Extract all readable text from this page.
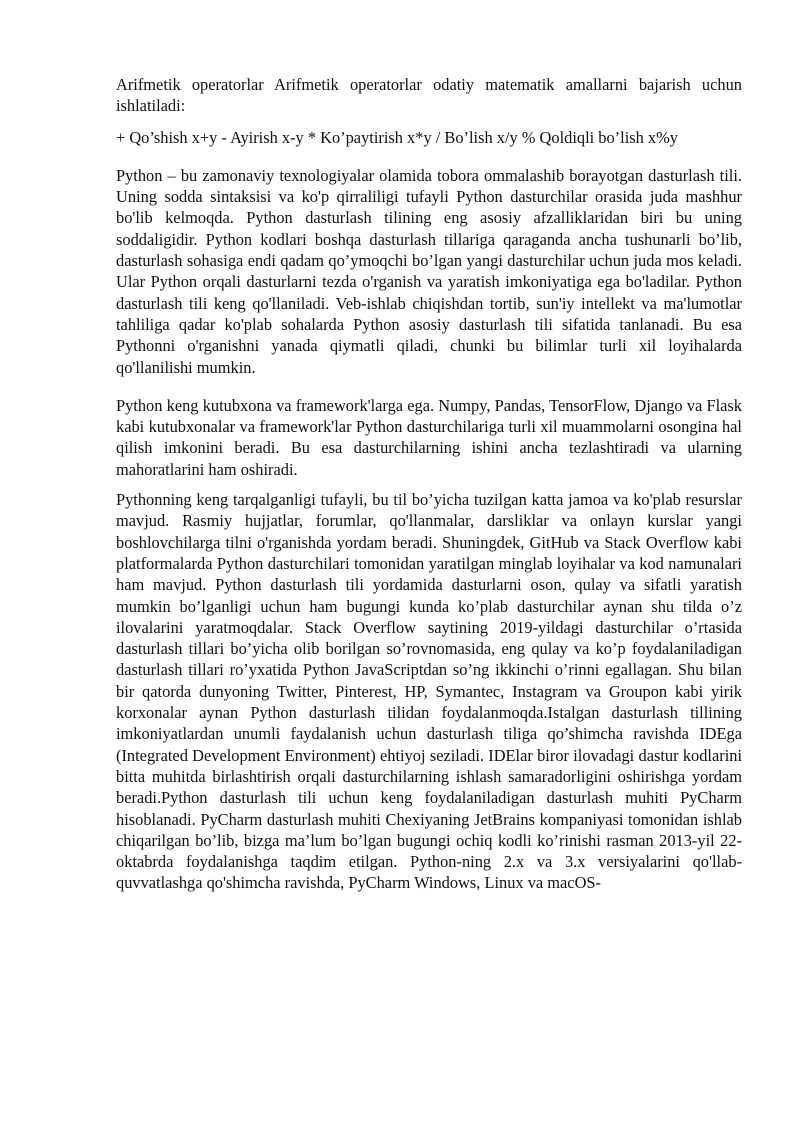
Arifmetik operatorlar Arifmetik operatorlar odatiy matematik amallarni bajarish uchun ishlatiladi:

+ Qo’shish x+y - Ayirish x-y * Ko’paytirish x*y / Bo’lish x/y % Qoldiqli bo’lish x%y

Python – bu zamonaviy texnologiyalar olamida tobora ommalashib borayotgan dasturlash tili. Uning sodda sintaksisi va ko'p qirraliligi tufayli Python dasturchilar orasida juda mashhur bo'lib kelmoqda. Python dasturlash tilining eng asosiy afzalliklaridan biri bu uning soddaligidir. Python kodlari boshqa dasturlash tillariga qaraganda ancha tushunarli bo’lib, dasturlash sohasiga endi qadam qo’ymoqchi bo’lgan yangi dasturchilar uchun juda mos keladi. Ular Python orqali dasturlarni tezda o'rganish va yaratish imkoniyatiga ega bo'ladilar. Python dasturlash tili keng qo'llaniladi. Veb-ishlab chiqishdan tortib, sun'iy intellekt va ma'lumotlar tahliliga qadar ko'plab sohalarda Python asosiy dasturlash tili sifatida tanlanadi. Bu esa Pythonni o'rganishni yanada qiymatli qiladi, chunki bu bilimlar turli xil loyihalarda qo'llanilishi mumkin.

Python keng kutubxona va framework'larga ega. Numpy, Pandas, TensorFlow, Django va Flask kabi kutubxonalar va framework'lar Python dasturchilariga turli xil muammolarni osongina hal qilish imkonini beradi. Bu esa dasturchilarning ishini ancha tezlashtiradi va ularning mahoratlarini ham oshiradi.

Pythonning keng tarqalganligi tufayli, bu til bo’yicha tuzilgan katta jamoa va ko'plab resurslar mavjud. Rasmiy hujjatlar, forumlar, qo'llanmalar, darsliklar va onlayn kurslar yangi boshlovchilarga tilni o'rganishda yordam beradi. Shuningdek, GitHub va Stack Overflow kabi platformalarda Python dasturchilari tomonidan yaratilgan minglab loyihalar va kod namunalari ham mavjud. Python dasturlash tili yordamida dasturlarni oson, qulay va sifatli yaratish mumkin bo’lganligi uchun ham bugungi kunda ko’plab dasturchilar aynan shu tilda o’z ilovalarini yaratmoqdalar. Stack Overflow saytining 2019-yildagi dasturchilar o’rtasida dasturlash tillari bo’yicha olib borilgan so’rovnomasida, eng qulay va ko’p foydalaniladigan dasturlash tillari ro’yxatida Python JavaScriptdan so’ng ikkinchi o’rinni egallagan. Shu bilan bir qatorda dunyoning Twitter, Pinterest, HP, Symantec, Instagram va Groupon kabi yirik korxonalar aynan Python dasturlash tilidan foydalanmoqda.Istalgan dasturlash tillining imkoniyatlardan unumli faydalanish uchun dasturlash tiliga qo’shimcha ravishda IDEga (Integrated Development Environment) ehtiyoj seziladi. IDElar biror ilovadagi dastur kodlarini bitta muhitda birlashtirish orqali dasturchilarning ishlash samaradorligini oshirishga yordam beradi.Python dasturlash tili uchun keng foydalaniladigan dasturlash muhiti PyCharm hisoblanadi. PyCharm dasturlash muhiti Chexiyaning JetBrains kompaniyasi tomonidan ishlab chiqarilgan bo’lib, bizga ma’lum bo’lgan bugungi ochiq kodli ko’rinishi rasman 2013-yil 22-oktabrda foydalanishga taqdim etilgan. Python-ning 2.x va 3.x versiyalarini qo'llab-quvvatlashga qo'shimcha ravishda, PyCharm Windows, Linux va macOS-
